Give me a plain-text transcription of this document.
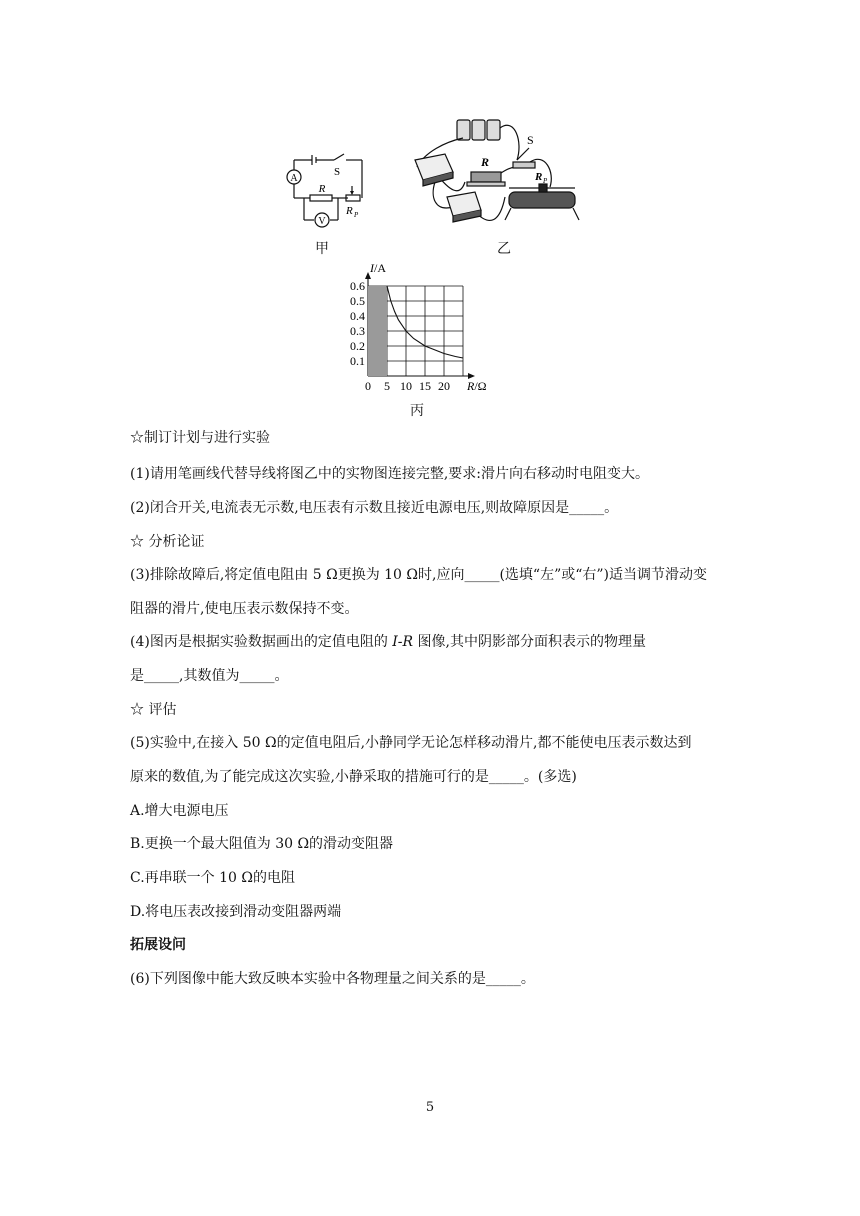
A
V
R
S
R P
甲
R
S
R P
乙
0 5 10 15 20
0.1
0.2
0.3
0.4
0.5
0.6
I/A
R/Ω
丙
☆制订计划与进行实验
(1)请用笔画线代替导线将图乙中的实物图连接完整,要求:滑片向右移动时电阻变大。
(2)闭合开关,电流表无示数,电压表有示数且接近电源电压,则故障原因是_____。
☆ 分析论证
(3)排除故障后,将定值电阻由 5 Ω更换为 10 Ω时,应向_____(选填“左”或“右”)适当调节滑动变
阻器的滑片,使电压表示数保持不变。
(4)图丙是根据实验数据画出的定值电阻的 I-R 图像,其中阴影部分面积表示的物理量
是_____,其数值为_____。
☆ 评估
(5)实验中,在接入 50 Ω的定值电阻后,小静同学无论怎样移动滑片,都不能使电压表示数达到
原来的数值,为了能完成这次实验,小静采取的措施可行的是_____。(多选)
A.增大电源电压
B.更换一个最大阻值为 30 Ω的滑动变阻器
C.再串联一个 10 Ω的电阻
D.将电压表改接到滑动变阻器两端
拓展设问
(6)下列图像中能大致反映本实验中各物理量之间关系的是_____。
5
